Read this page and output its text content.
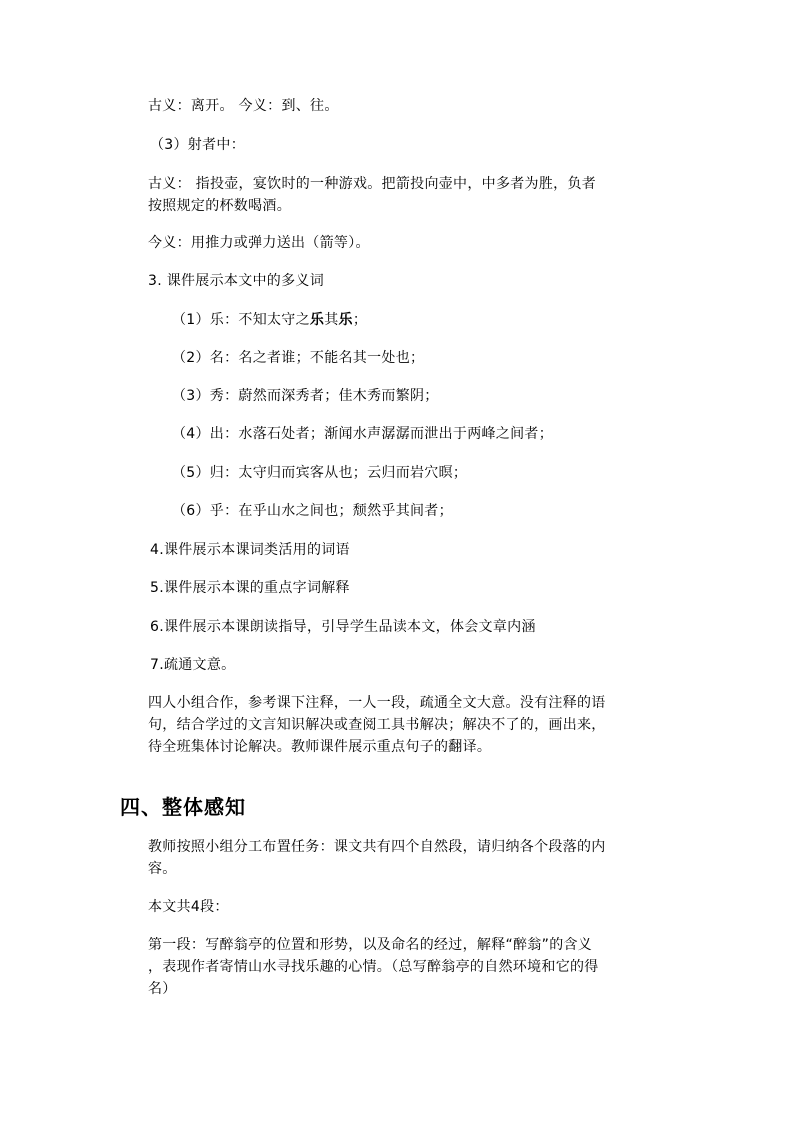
古义：离开。 今义：到、往。
（3）射者中：
古义： 指投壶，宴饮时的一种游戏。把箭投向壶中，中多者为胜，负者
按照规定的杯数喝酒。
今义：用推力或弹力送出（箭等）。
3. 课件展示本文中的多义词
（1）乐：不知太守之乐其乐；
（2）名：名之者谁；不能名其一处也；
（3）秀：蔚然而深秀者；佳木秀而繁阴；
（4）出：水落石处者；渐闻水声潺潺而泄出于两峰之间者；
（5）归：太守归而宾客从也；云归而岩穴暝；
（6）乎：在乎山水之间也；颓然乎其间者；
4.课件展示本课词类活用的词语
5.课件展示本课的重点字词解释
6.课件展示本课朗读指导，引导学生品读本文，体会文章内涵
7.疏通文意。
四人小组合作，参考课下注释，一人一段，疏通全文大意。没有注释的语
句，结合学过的文言知识解决或查阅工具书解决；解决不了的，画出来，
待全班集体讨论解决。教师课件展示重点句子的翻译。
四、整体感知
教师按照小组分工布置任务：课文共有四个自然段，请归纳各个段落的内
容。
本文共4段：
第一段：写醉翁亭的位置和形势，以及命名的经过，解释“醉翁”的含义
，表现作者寄情山水寻找乐趣的心情。（总写醉翁亭的自然环境和它的得
名）
